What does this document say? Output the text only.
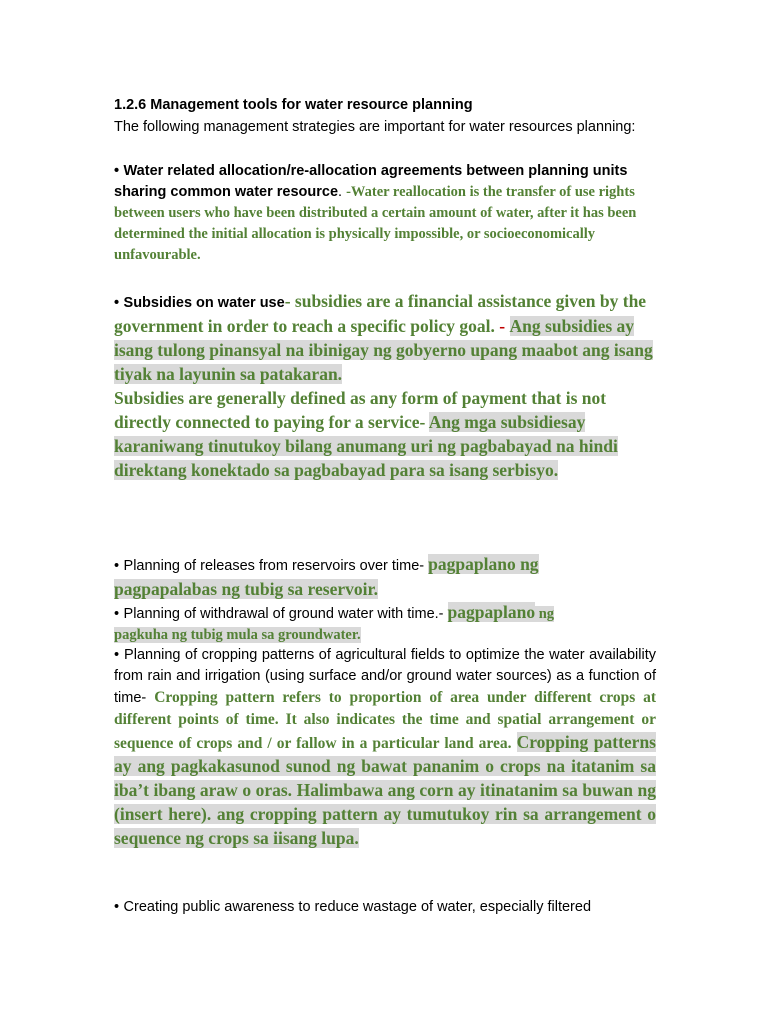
1.2.6 Management tools for water resource planning
The following management strategies are important for water resources planning:
• Water related allocation/re-allocation agreements between planning units sharing common water resource. -Water reallocation is the transfer of use rights between users who have been distributed a certain amount of water, after it has been determined the initial allocation is physically impossible, or socioeconomically unfavourable.
• Subsidies on water use- subsidies are a financial assistance given by the government in order to reach a specific policy goal. - Ang subsidies ay isang tulong pinansyal na ibinigay ng gobyerno upang maabot ang isang tiyak na layunin sa patakaran.
Subsidies are generally defined as any form of payment that is not directly connected to paying for a service- Ang mga subsidiesay karaniwang tinutukoy bilang anumang uri ng pagbabayad na hindi direktang konektado sa pagbabayad para sa isang serbisyo.
• Planning of releases from reservoirs over time- pagpaplano ng
pagpapalabas ng tubig sa reservoir.
• Planning of withdrawal of ground water with time.- pagpaplano ng
pagkuha ng tubig mula sa groundwater.
• Planning of cropping patterns of agricultural fields to optimize the water availability from rain and irrigation (using surface and/or ground water sources) as a function of time- Cropping pattern refers to proportion of area under different crops at different points of time. It also indicates the time and spatial arrangement or sequence of crops and / or fallow in a particular land area. Cropping patterns ay ang pagkakasunod sunod ng bawat pananim o crops na itatanim sa iba’t ibang araw o oras. Halimbawa ang corn ay itinatanim sa buwan ng (insert here). ang cropping pattern ay tumutukoy rin sa arrangement o sequence ng crops sa iisang lupa.
• Creating public awareness to reduce wastage of water, especially filtered
